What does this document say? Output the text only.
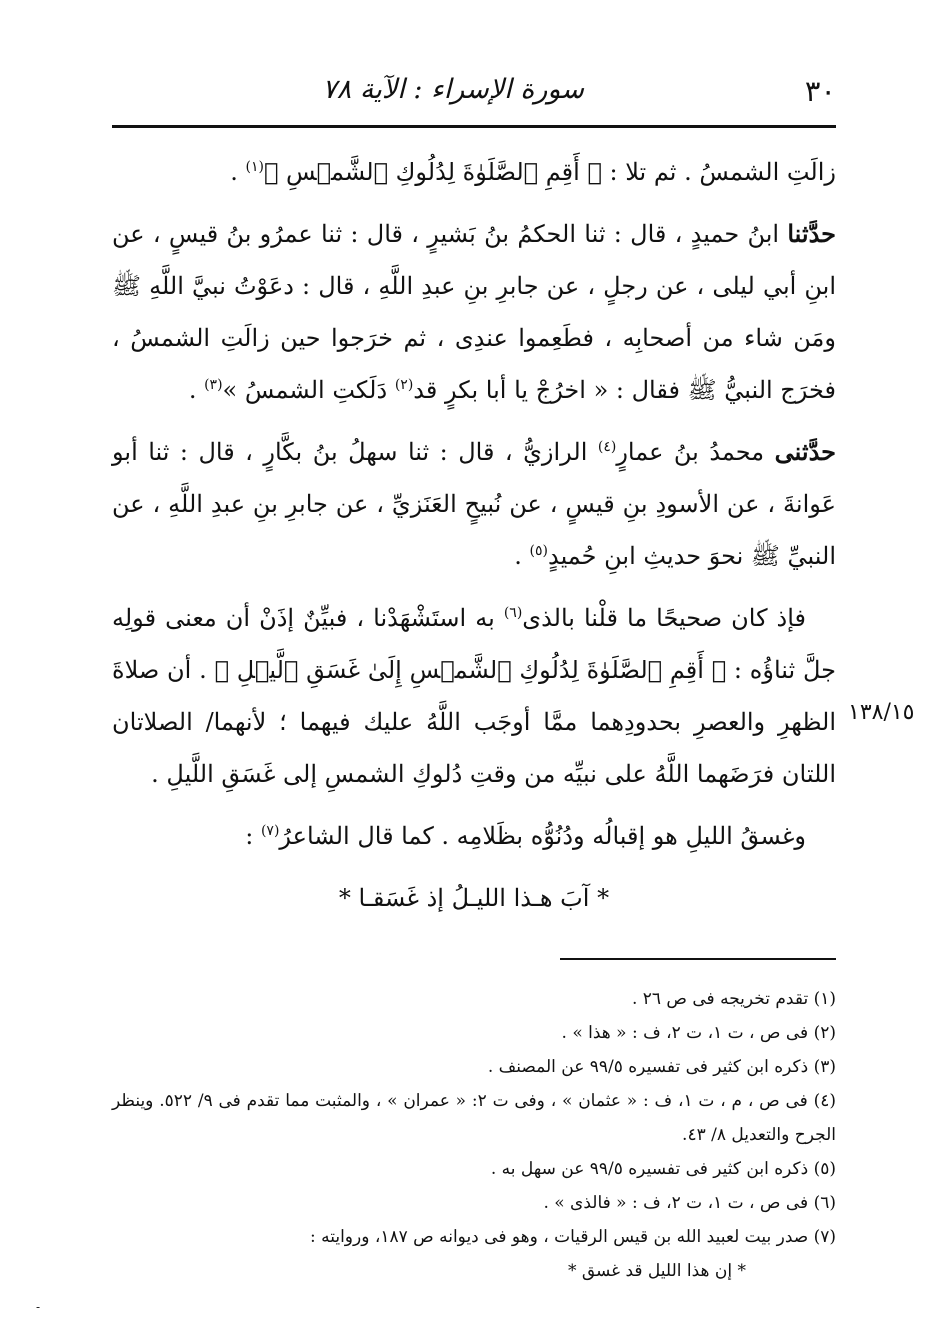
٣٠
سورة الإسراء : الآية ٧٨
١٣٨/١٥

زالَتِ الشمسُ . ثم تلا : ﴿ أَقِمِ ٱلصَّلَوٰةَ لِدُلُوكِ ٱلشَّمۡسِ ﴾$^{(١)}$ .

حدَّثنا ابنُ حميدٍ ، قال : ثنا الحكمُ بنُ بَشيرٍ ، قال : ثنا عمرُو بنُ قيسٍ ، عن ابنِ أبي ليلى ، عن رجلٍ ، عن جابرِ بنِ عبدِ اللَّهِ ، قال : دعَوْتُ نبيَّ اللَّهِ ﷺ ومَن شاء من أصحابِه ، فطَعِموا عندِى ، ثم خرَجوا حين زالَتِ الشمسُ ، فخرَج النبيُّ ﷺ فقال : « اخرُجْ يا أبا بكرٍ قد$^{(٢)}$ دَلَكتِ الشمسُ »$^{(٣)}$ .

حدَّثنى محمدُ بنُ عمارٍ$^{(٤)}$ الرازيُّ ، قال : ثنا سهلُ بنُ بكَّارٍ ، قال : ثنا أبو عَوانةَ ، عن الأسودِ بنِ قيسٍ ، عن نُبيحٍ العَنَزيِّ ، عن جابرِ بنِ عبدِ اللَّهِ ، عن النبيِّ ﷺ نحوَ حديثِ ابنِ حُميدٍ$^{(٥)}$ .

فإذ كان صحيحًا ما قلْنا بالذى$^{(٦)}$ به استَشْهَدْنا ، فبيِّنٌ إذَنْ أن معنى قولِه جلَّ ثناؤُه : ﴿ أَقِمِ ٱلصَّلَوٰةَ لِدُلُوكِ ٱلشَّمۡسِ إِلَىٰ غَسَقِ ٱلَّيۡلِ ﴾ . أن صلاةَ الظهرِ والعصرِ بحدودِهما ممَّا أوجَب اللَّهُ عليك فيهما ؛ لأنهما/ الصلاتان اللتان فرَضَهما اللَّهُ على نبيِّه من وقتِ دُلوكِ الشمسِ إلى غَسَقِ اللَّيلِ .

وغسقُ الليلِ هو إقبالُه ودُنُوُّه بظَلامِه . كما قال الشاعرُ$^{(٧)}$ :

* آبَ هـذا الليـلُ إذ غَسَقـا *

(١) تقدم تخريجه فى ص ٢٦ .

(٢) فى ص ، ت ١، ت ٢، ف : « هذا » .

(٣) ذكره ابن كثير فى تفسيره ٩٩/٥ عن المصنف .

(٤) فى ص ، م ، ت ١، ف : « عثمان » ، وفى ت ٢: « عمران » ، والمثبت مما تقدم فى ٩/ ٥٢٢. وينظر الجرح والتعديل ٨/ ٤٣.

(٥) ذكره ابن كثير فى تفسيره ٩٩/٥ عن سهل به .

(٦) فى ص ، ت ١، ت ٢، ف : « فالذى » .

(٧) صدر بيت لعبيد الله بن قيس الرقيات ، وهو فى ديوانه ص ١٨٧، وروايته :

* إن هذا الليل قد غسق *

-
